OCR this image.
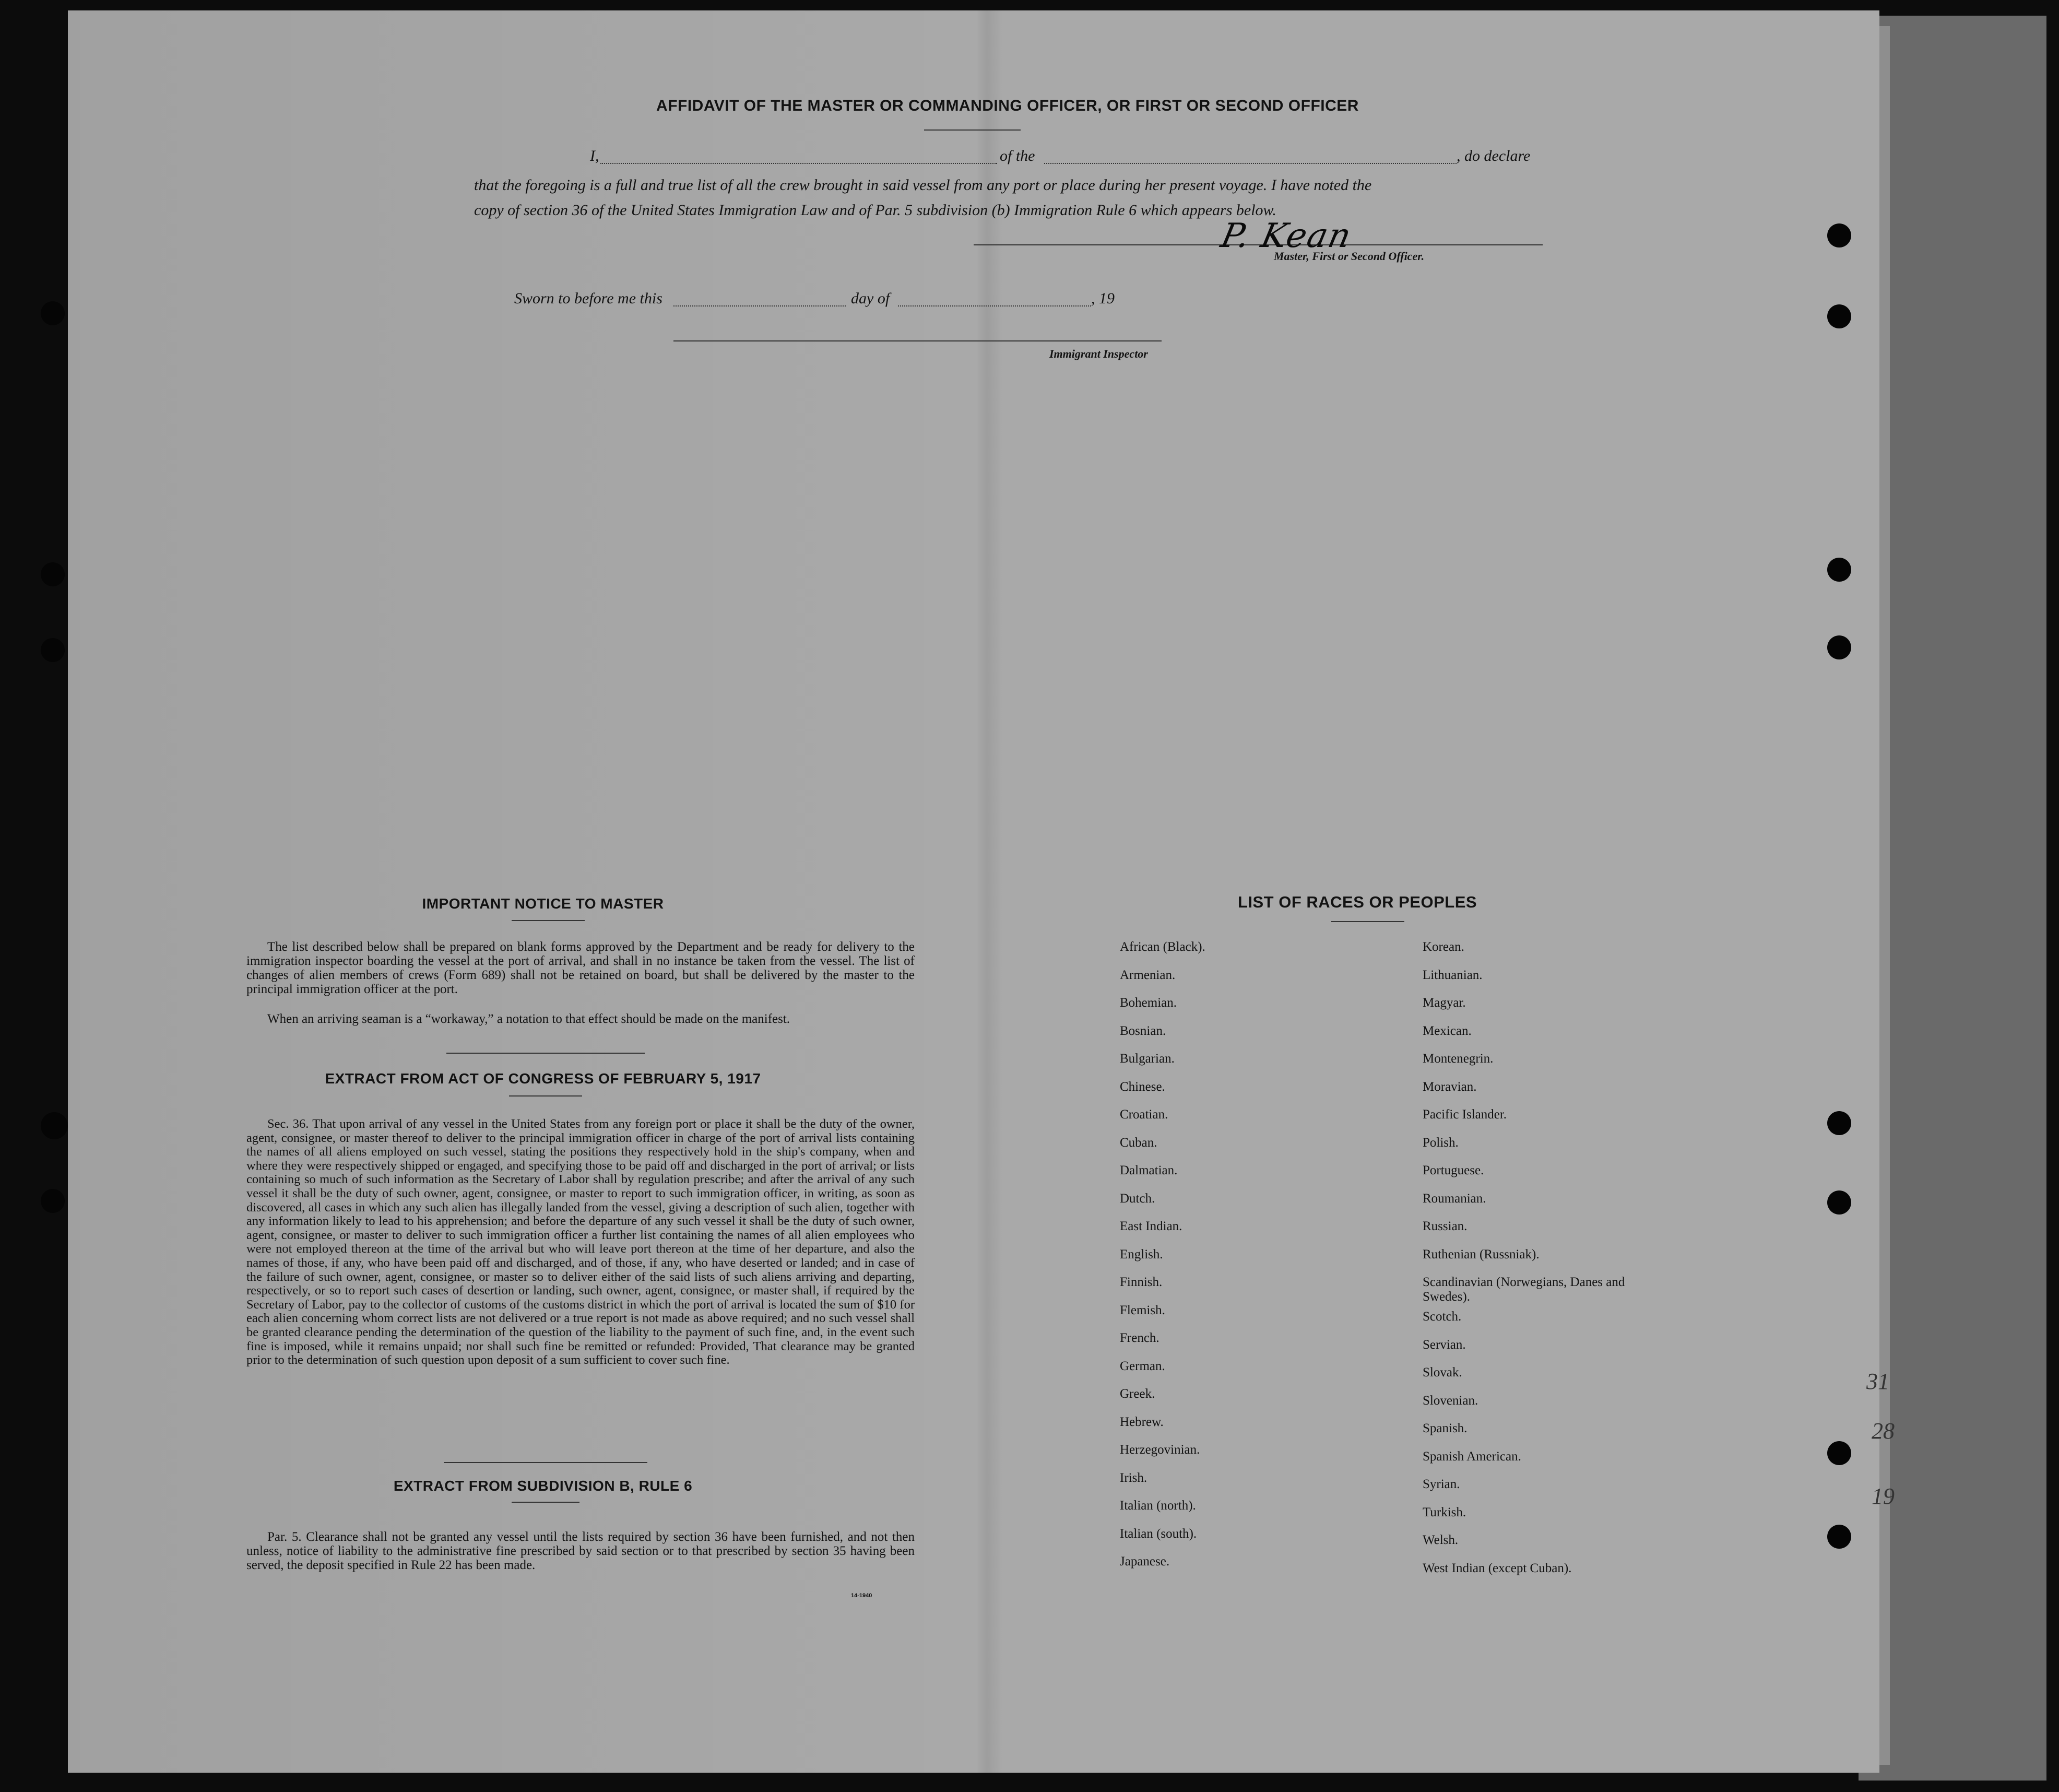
AFFIDAVIT OF THE MASTER OR COMMANDING OFFICER, OR FIRST OR SECOND OFFICER
I,	of the	, do declare
that the foregoing is a full and true list of all the crew brought in said vessel from any port or place during her present voyage. I have noted the
copy of section 36 of the United States Immigration Law and of Par. 5 subdivision (b) Immigration Rule 6 which appears below.
P. Kean
Master, First or Second Officer.
Sworn to before me this	day of	, 19
Immigrant Inspector
IMPORTANT NOTICE TO MASTER
The list described below shall be prepared on blank forms approved by the Department and be ready for delivery to the immigration inspector boarding the vessel at the port of arrival, and shall in no instance be taken from the vessel. The list of changes of alien members of crews (Form 689) shall not be retained on board, but shall be delivered by the master to the principal immigration officer at the port.
When an arriving seaman is a “workaway,” a notation to that effect should be made on the manifest.
EXTRACT FROM ACT OF CONGRESS OF FEBRUARY 5, 1917
Sec. 36. That upon arrival of any vessel in the United States from any foreign port or place it shall be the duty of the owner, agent, consignee, or master thereof to deliver to the principal immigration officer in charge of the port of arrival lists containing the names of all aliens employed on such vessel, stating the positions they respectively hold in the ship's company, when and where they were respectively shipped or engaged, and specifying those to be paid off and discharged in the port of arrival; or lists containing so much of such information as the Secretary of Labor shall by regulation prescribe; and after the arrival of any such vessel it shall be the duty of such owner, agent, consignee, or master to report to such immigration officer, in writing, as soon as discovered, all cases in which any such alien has illegally landed from the vessel, giving a description of such alien, together with any information likely to lead to his apprehension; and before the departure of any such vessel it shall be the duty of such owner, agent, consignee, or master to deliver to such immigration officer a further list containing the names of all alien employees who were not employed thereon at the time of the arrival but who will leave port thereon at the time of her departure, and also the names of those, if any, who have been paid off and discharged, and of those, if any, who have deserted or landed; and in case of the failure of such owner, agent, consignee, or master so to deliver either of the said lists of such aliens arriving and departing, respectively, or so to report such cases of desertion or landing, such owner, agent, consignee, or master shall, if required by the Secretary of Labor, pay to the collector of customs of the customs district in which the port of arrival is located the sum of $10 for each alien concerning whom correct lists are not delivered or a true report is not made as above required; and no such vessel shall be granted clearance pending the determination of the question of the liability to the payment of such fine, and, in the event such fine is imposed, while it remains unpaid; nor shall such fine be remitted or refunded: Provided, That clearance may be granted prior to the determination of such question upon deposit of a sum sufficient to cover such fine.
EXTRACT FROM SUBDIVISION B, RULE 6
Par. 5. Clearance shall not be granted any vessel until the lists required by section 36 have been furnished, and not then unless, notice of liability to the administrative fine prescribed by said section or to that prescribed by section 35 having been served, the deposit specified in Rule 22 has been made.
14-1940
LIST OF RACES OR PEOPLES
African (Black).
Armenian.
Bohemian.
Bosnian.
Bulgarian.
Chinese.
Croatian.
Cuban.
Dalmatian.
Dutch.
East Indian.
English.
Finnish.
Flemish.
French.
German.
Greek.
Hebrew.
Herzegovinian.
Irish.
Italian (north).
Italian (south).
Japanese.
Korean.
Lithuanian.
Magyar.
Mexican.
Montenegrin.
Moravian.
Pacific Islander.
Polish.
Portuguese.
Roumanian.
Russian.
Ruthenian (Russniak).
Scandinavian (Norwegians, Danes and Swedes).
Scotch.
Servian.
Slovak.
Slovenian.
Spanish.
Spanish American.
Syrian.
Turkish.
Welsh.
West Indian (except Cuban).
31
28
19
